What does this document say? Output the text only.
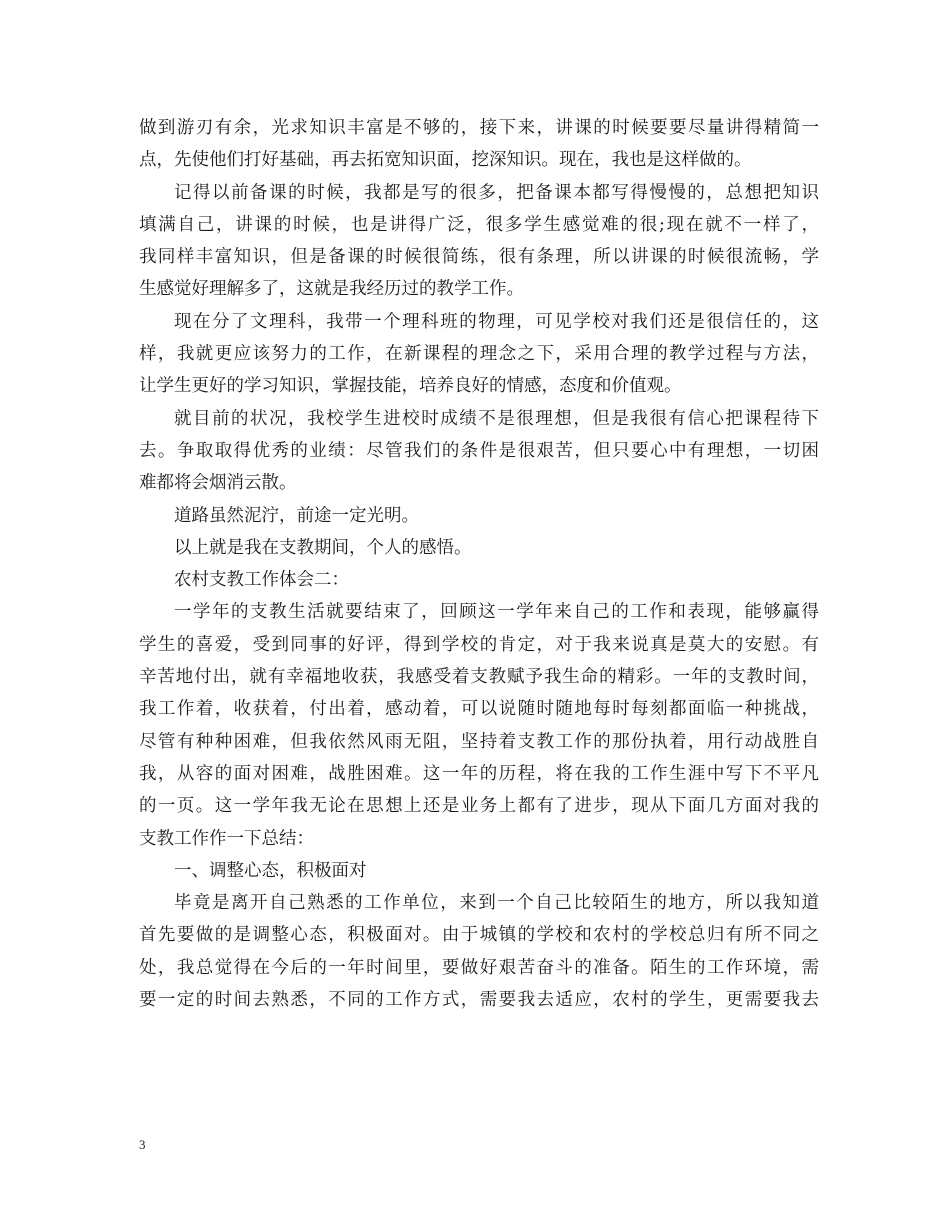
做到游刃有余，光求知识丰富是不够的，接下来，讲课的时候要要尽量讲得精简一
点，先使他们打好基础，再去拓宽知识面，挖深知识。现在，我也是这样做的。
记得以前备课的时候，我都是写的很多，把备课本都写得慢慢的，总想把知识
填满自己，讲课的时候，也是讲得广泛，很多学生感觉难的很;现在就不一样了，
我同样丰富知识，但是备课的时候很简练，很有条理，所以讲课的时候很流畅，学
生感觉好理解多了，这就是我经历过的教学工作。
现在分了文理科，我带一个理科班的物理，可见学校对我们还是很信任的，这
样，我就更应该努力的工作，在新课程的理念之下，采用合理的教学过程与方法，
让学生更好的学习知识，掌握技能，培养良好的情感，态度和价值观。
就目前的状况，我校学生进校时成绩不是很理想，但是我很有信心把课程待下
去。争取取得优秀的业绩：尽管我们的条件是很艰苦，但只要心中有理想，一切困
难都将会烟消云散。
道路虽然泥泞，前途一定光明。
以上就是我在支教期间，个人的感悟。
农村支教工作体会二：
一学年的支教生活就要结束了，回顾这一学年来自己的工作和表现，能够赢得
学生的喜爱，受到同事的好评，得到学校的肯定，对于我来说真是莫大的安慰。有
辛苦地付出，就有幸福地收获，我感受着支教赋予我生命的精彩。一年的支教时间，
我工作着，收获着，付出着，感动着，可以说随时随地每时每刻都面临一种挑战，
尽管有种种困难，但我依然风雨无阻，坚持着支教工作的那份执着，用行动战胜自
我，从容的面对困难，战胜困难。这一年的历程，将在我的工作生涯中写下不平凡
的一页。这一学年我无论在思想上还是业务上都有了进步，现从下面几方面对我的
支教工作作一下总结：
一、调整心态，积极面对
毕竟是离开自己熟悉的工作单位，来到一个自己比较陌生的地方，所以我知道
首先要做的是调整心态，积极面对。由于城镇的学校和农村的学校总归有所不同之
处，我总觉得在今后的一年时间里，要做好艰苦奋斗的准备。陌生的工作环境，需
要一定的时间去熟悉，不同的工作方式，需要我去适应，农村的学生，更需要我去
3
